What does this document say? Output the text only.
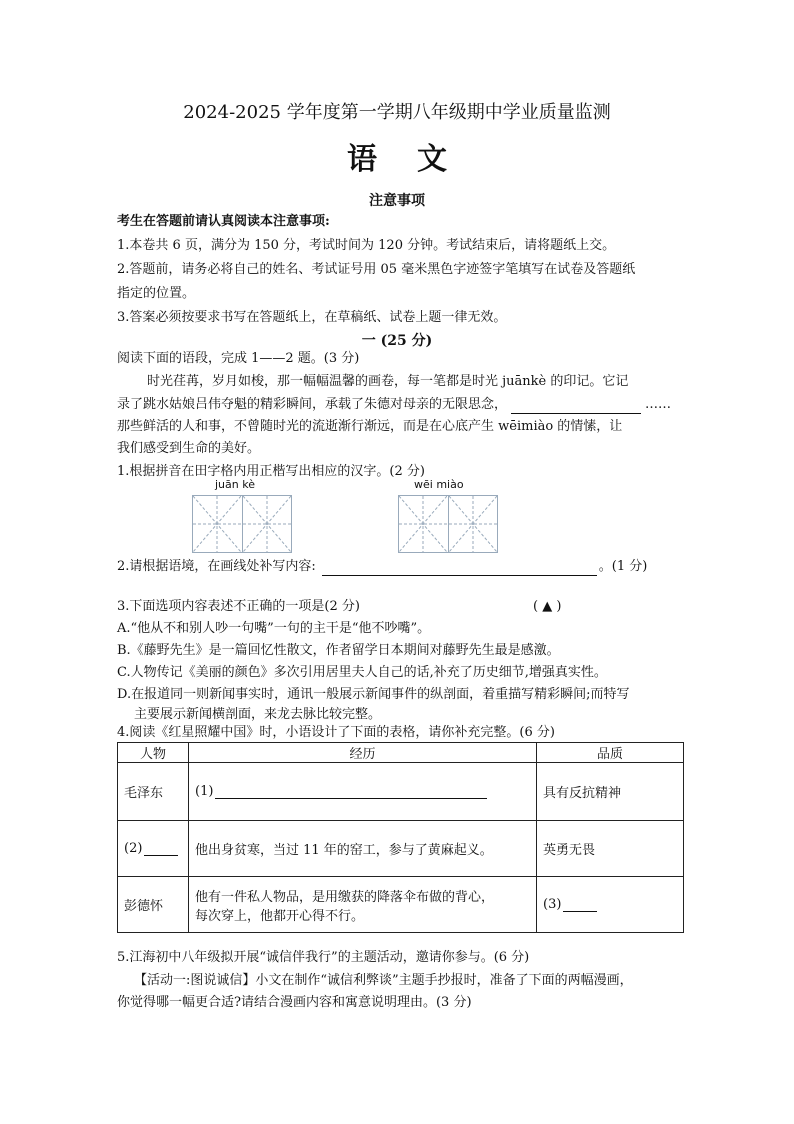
2024-2025 学年度第一学期八年级期中学业质量监测
语文
注意事项
考生在答题前请认真阅读本注意事项:
1.本卷共 6 页，满分为 150 分，考试时间为 120 分钟。考试结束后，请将题纸上交。
2.答题前，请务必将自己的姓名、考试证号用 05 毫米黑色字迹签字笔填写在试卷及答题纸
指定的位置。
3.答案必须按要求书写在答题纸上，在草稿纸、试卷上题一律无效。
一 (25 分)
阅读下面的语段，完成 1——2 题。(3 分)
时光荏苒，岁月如梭，那一幅幅温馨的画卷，每一笔都是时光 juānkè 的印记。它记
录了跳水姑娘吕伟夺魁的精彩瞬间，承载了朱德对母亲的无限思念，	……
那些鲜活的人和事，不曾随时光的流逝渐行渐远，而是在心底产生 wēimiào 的情愫，让
我们感受到生命的美好。
1.根据拼音在田字格内用正楷写出相应的汉字。(2 分)
juān kè	wēi miào
2.请根据语境，在画线处补写内容:	。(1 分)
3.下面选项内容表述不正确的一项是(2 分)	( ▲ )
A.“他从不和别人吵一句嘴”一句的主干是“他不吵嘴”。
B.《藤野先生》是一篇回忆性散文，作者留学日本期间对藤野先生最是感激。
C.人物传记《美丽的颜色》多次引用居里夫人自己的话,补充了历史细节,增强真实性。
D.在报道同一则新闻事实时，通讯一般展示新闻事件的纵剖面，着重描写精彩瞬间;而特写
主要展示新闻横剖面，来龙去脉比较完整。
4.阅读《红星照耀中国》时，小语设计了下面的表格，请你补充完整。(6 分)
人物	经历	品质
毛泽东	(1)	具有反抗精神
(2)	他出身贫寒，当过 11 年的窑工，参与了黄麻起义。	英勇无畏
彭德怀	他有一件私人物品，是用缴获的降落伞布做的背心，
每次穿上，他都开心得不行。	(3)
5.江海初中八年级拟开展“诚信伴我行”的主题活动，邀请你参与。(6 分)
【活动一:图说诚信】小文在制作“诚信利弊谈”主题手抄报时，准备了下面的两幅漫画，
你觉得哪一幅更合适?请结合漫画内容和寓意说明理由。(3 分)
